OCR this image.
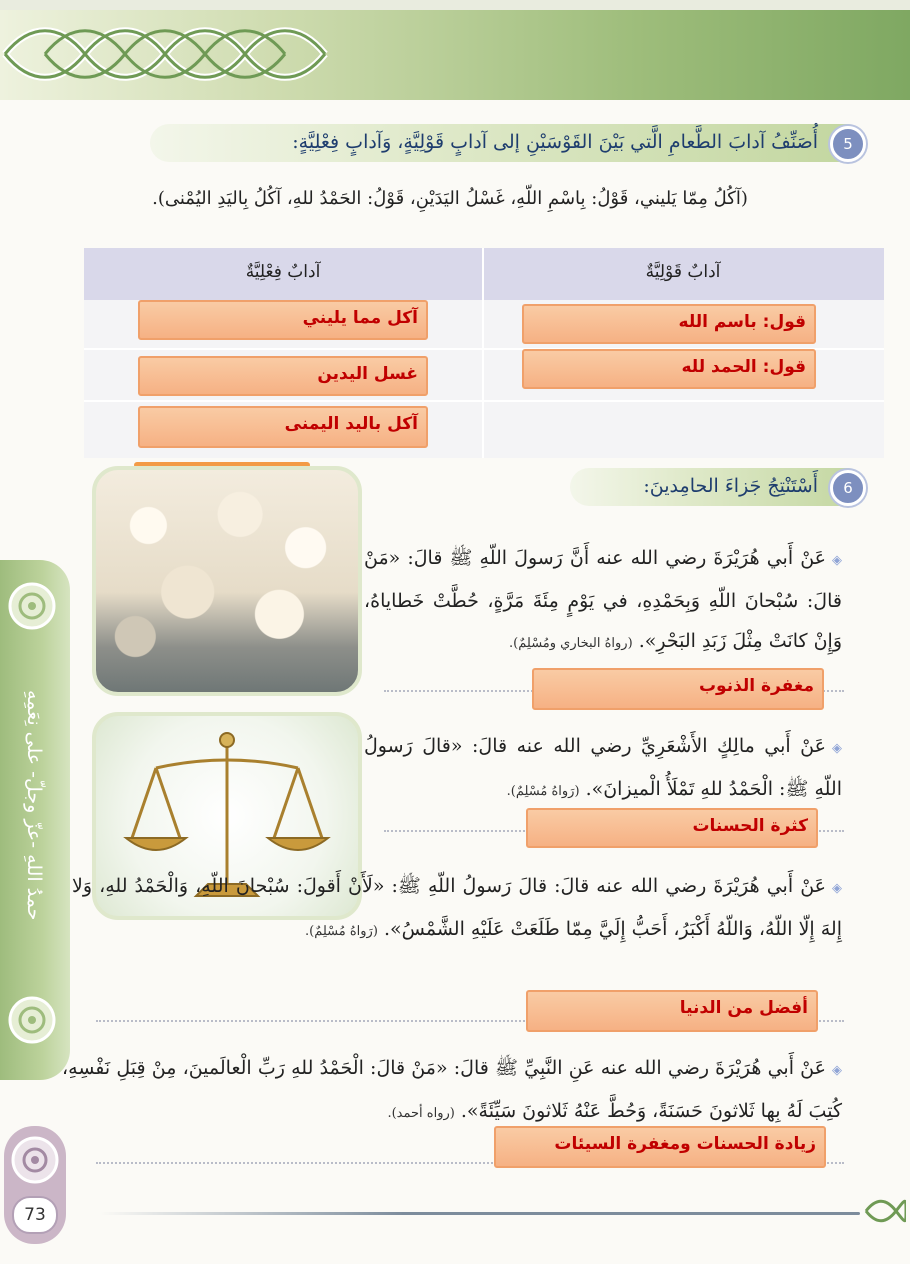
5
أُصَنِّفُ آدابَ الطَّعامِ الَّتي بَيْنَ القَوْسَيْنِ إلى آدابٍ قَوْلِيَّةٍ، وَآدابٍ فِعْلِيَّةٍ:
(آكُلُ مِمّا يَليني، قَوْلُ: بِاسْمِ اللّهِ، غَسْلُ اليَدَيْنِ، قَوْلُ: الحَمْدُ للهِ، آكُلُ بِاليَدِ اليُمْنى).
آدابٌ قَوْلِيَّةٌ
آدابٌ فِعْلِيَّةٌ
قول: باسم الله
قول: الحمد لله
آكل مما يليني
غسل اليدين
آكل باليد اليمنى
6
أَسْتَنْتِجُ جَزاءَ الحامِدينَ:
حمدُ اللهِ -عزّ وجلّ- على نِعَمِهِ
◈عَنْ أَبي هُرَيْرَةَ رضي الله عنه أَنَّ رَسولَ اللّهِ ﷺ قالَ: «مَنْ قالَ: سُبْحانَ اللّهِ وَبِحَمْدِهِ، في يَوْمٍ مِئَةَ مَرَّةٍ، حُطَّتْ خَطاياهُ، وَإِنْ كانَتْ مِثْلَ زَبَدِ البَحْرِ». (رواهُ البخاري ومُسْلِمٌ).
مغفرة الذنوب
◈عَنْ أَبي مالِكٍ الأَشْعَرِيِّ رضي الله عنه قالَ: «قالَ رَسولُ اللّهِ ﷺ: الْحَمْدُ للهِ تَمْلَأُ الْميزانَ». (رَواهُ مُسْلِمٌ).
كثرة الحسنات
◈عَنْ أَبي هُرَيْرَةَ رضي الله عنه قالَ: قالَ رَسولُ اللّهِ ﷺ: «لَأَنْ أَقولَ: سُبْحانَ اللّهِ، وَالْحَمْدُ للهِ، وَلا إِلهَ إِلّا اللّهُ، وَاللّهُ أَكْبَرُ، أَحَبُّ إِلَيَّ مِمّا طَلَعَتْ عَلَيْهِ الشَّمْسُ». (رَواهُ مُسْلِمٌ).
أفضل من الدنيا
◈عَنْ أَبي هُرَيْرَةَ رضي الله عنه عَنِ النَّبِيِّ ﷺ قالَ: «مَنْ قالَ: الْحَمْدُ للهِ رَبِّ الْعالَمينَ، مِنْ قِبَلِ نَفْسِهِ، كُتِبَ لَهُ بِها ثَلاثونَ حَسَنَةً، وَحُطَّ عَنْهُ ثَلاثونَ سَيِّئَةً». (رواه أحمد).
زيادة الحسنات ومغفرة السيئات
73
